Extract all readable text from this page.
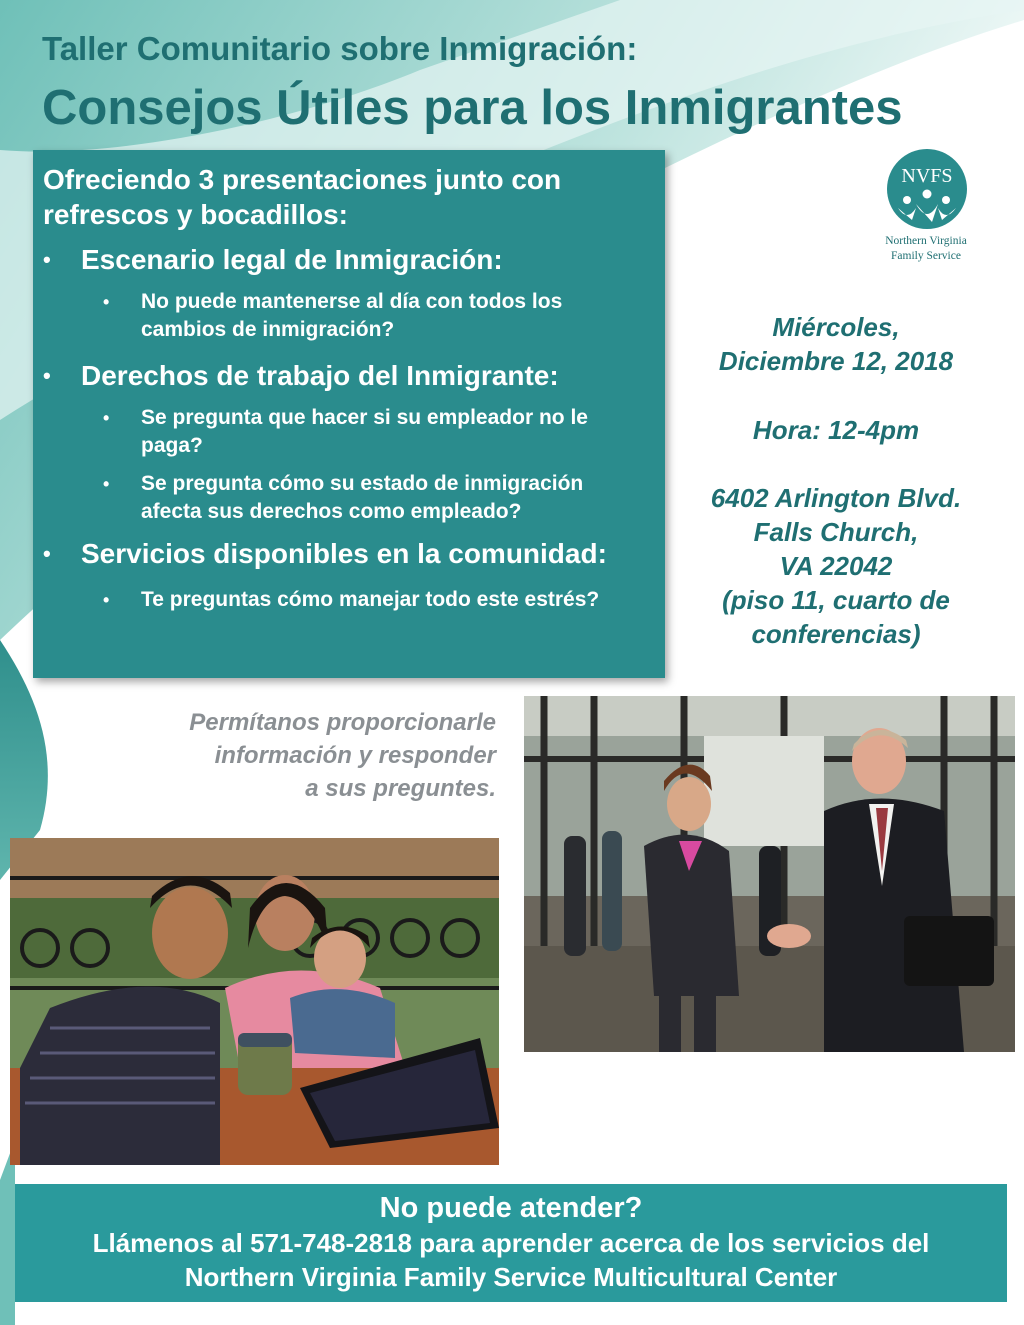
Taller Comunitario sobre Inmigración:
Consejos Útiles para los Inmigrantes

Ofreciendo 3 presentaciones junto con refrescos y bocadillos:

• Escenario legal de Inmigración:

• No puede mantenerse al día con todos los cambios de inmigración?

• Derechos de trabajo del Inmigrante:

• Se pregunta que hacer si su empleador no le paga?

• Se pregunta cómo su estado de inmigración afecta sus derechos como empleado?

• Servicios disponibles en la comunidad:

• Te preguntas cómo manejar todo este estrés?

NVFS
Northern Virginia
Family Service

Miércoles,

Diciembre 12, 2018

Hora: 12-4pm

6402 Arlington Blvd.

Falls Church,

VA 22042

(piso 11, cuarto de

conferencias)

Permítanos proporcionarle
información y responder
a sus preguntes.

No puede atender?

Llámenos al 571-748-2818 para aprender acerca de los servicios del

Northern Virginia Family Service Multicultural Center
